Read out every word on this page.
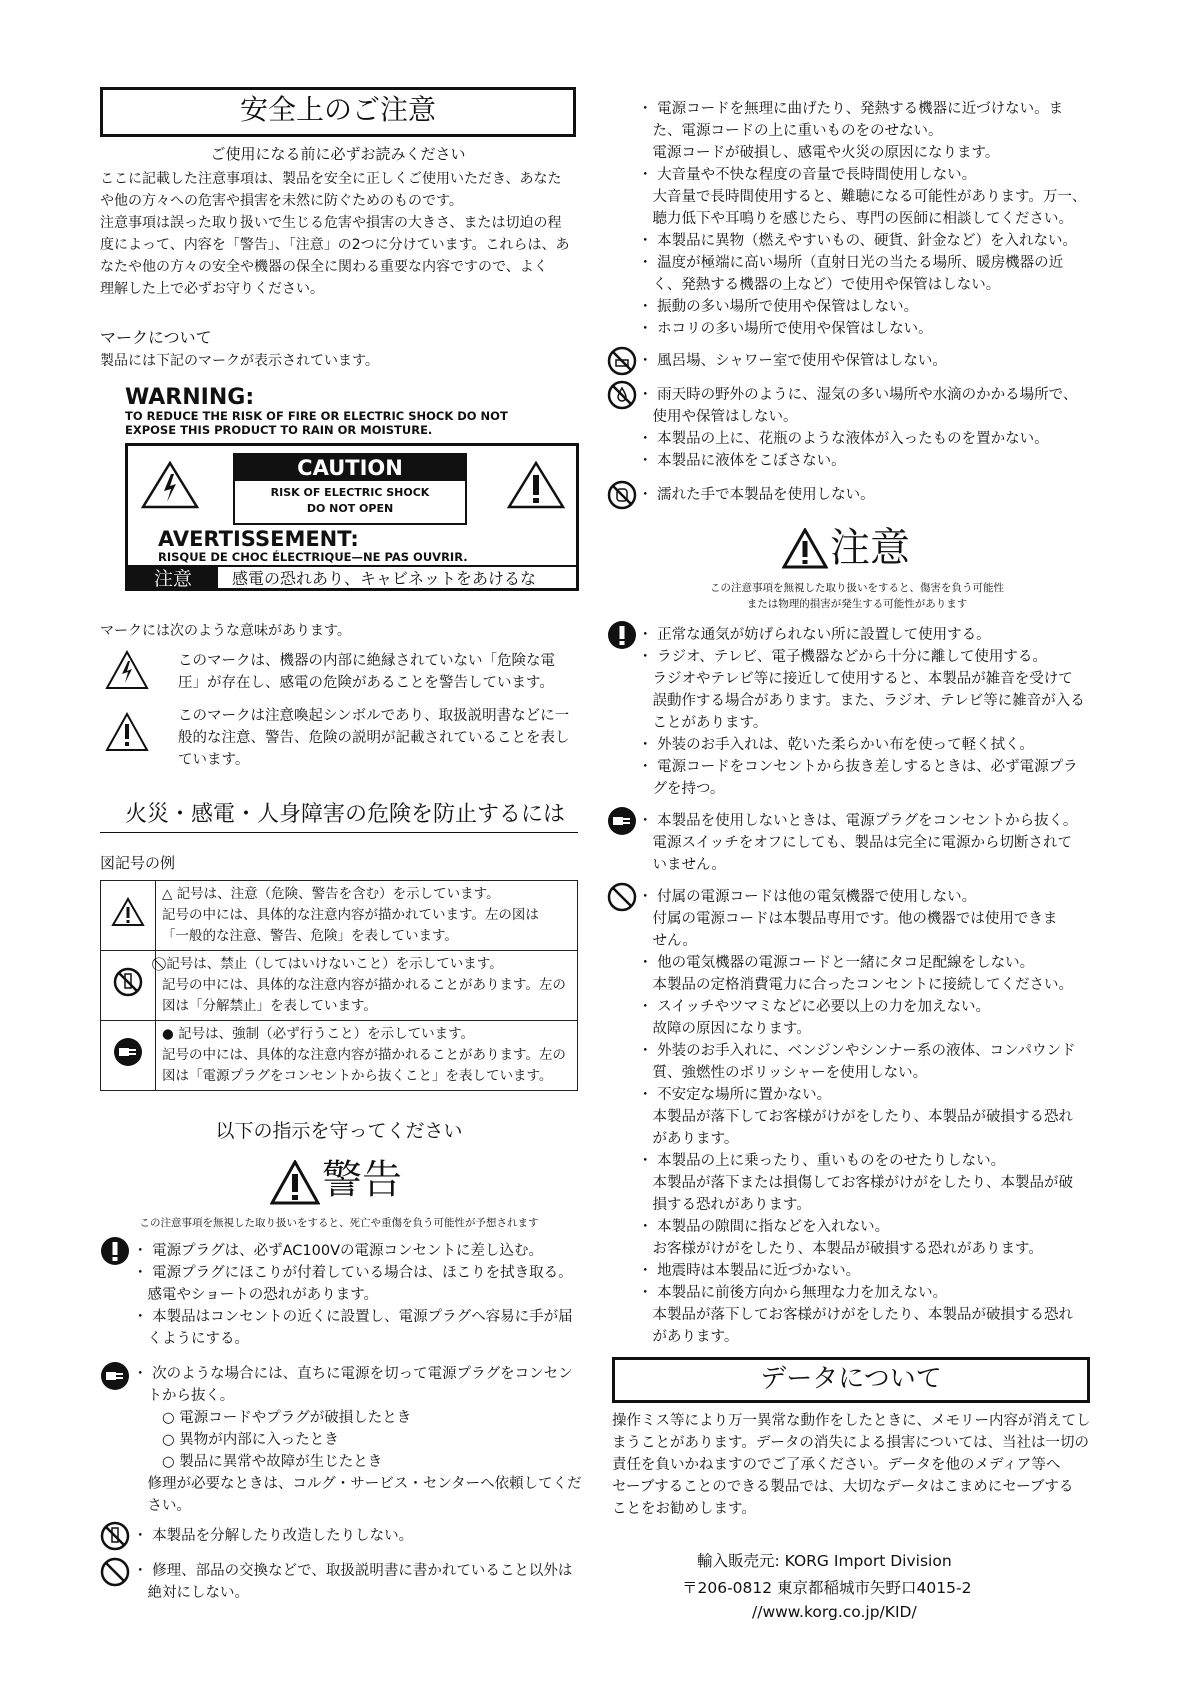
安全上のご注意
ご使用になる前に必ずお読みください
ここに記載した注意事項は、製品を安全に正しくご使用いただき、あなた
や他の方々への危害や損害を未然に防ぐためのものです。
注意事項は誤った取り扱いで生じる危害や損害の大きさ、または切迫の程
度によって、内容を「警告」、「注意」の2つに分けています。これらは、あ
なたや他の方々の安全や機器の保全に関わる重要な内容ですので、よく
理解した上で必ずお守りください。
マークについて
製品には下記のマークが表示されています。
WARNING:
TO REDUCE THE RISK OF FIRE OR ELECTRIC SHOCK DO NOT
EXPOSE THIS PRODUCT TO RAIN OR MOISTURE.
CAUTION
RISK OF ELECTRIC SHOCK
DO NOT OPEN
AVERTISSEMENT:
RISQUE DE CHOC ÉLECTRIQUE—NE PAS OUVRIR.
注意	感電の恐れあり、キャビネットをあけるな
マークには次のような意味があります。
このマークは、機器の内部に絶縁されていない「危険な電
圧」が存在し、感電の危険があることを警告しています。
このマークは注意喚起シンボルであり、取扱説明書などに一
般的な注意、警告、危険の説明が記載されていることを表し
ています。
火災・感電・人身障害の危険を防止するには
図記号の例

△ 記号は、注意（危険、警告を含む）を示しています。
記号の中には、具体的な注意内容が描かれています。左の図は
「一般的な注意、警告、危険」を表しています。

⃠ 記号は、禁止（してはいけないこと）を示しています。
記号の中には、具体的な注意内容が描かれることがあります。左の
図は「分解禁止」を表しています。

● 記号は、強制（必ず行うこと）を示しています。
記号の中には、具体的な注意内容が描かれることがあります。左の
図は「電源プラグをコンセントから抜くこと」を表しています。
以下の指示を守ってください
警告
この注意事項を無視した取り扱いをすると、死亡や重傷を負う可能性が予想されます
・ 電源プラグは、必ずAC100Vの電源コンセントに差し込む。
・ 電源プラグにほこりが付着している場合は、ほこりを拭き取る。
　感電やショートの恐れがあります。
・ 本製品はコンセントの近くに設置し、電源プラグへ容易に手が届
　くようにする。
・ 次のような場合には、直ちに電源を切って電源プラグをコンセン
　トから抜く。
　　○ 電源コードやプラグが破損したとき
　　○ 異物が内部に入ったとき
　　○ 製品に異常や故障が生じたとき
　修理が必要なときは、コルグ・サービス・センターへ依頼してくだ
　さい。
・ 本製品を分解したり改造したりしない。
・ 修理、部品の交換などで、取扱説明書に書かれていること以外は
　絶対にしない。
・ 電源コードを無理に曲げたり、発熱する機器に近づけない。ま
　た、電源コードの上に重いものをのせない。
　電源コードが破損し、感電や火災の原因になります。
・ 大音量や不快な程度の音量で長時間使用しない。
　大音量で長時間使用すると、難聴になる可能性があります。万一、
　聴力低下や耳鳴りを感じたら、専門の医師に相談してください。
・ 本製品に異物（燃えやすいもの、硬貨、針金など）を入れない。
・ 温度が極端に高い場所（直射日光の当たる場所、暖房機器の近
　く、発熱する機器の上など）で使用や保管はしない。
・ 振動の多い場所で使用や保管はしない。
・ ホコリの多い場所で使用や保管はしない。
・ 風呂場、シャワー室で使用や保管はしない。
・ 雨天時の野外のように、湿気の多い場所や水滴のかかる場所で、
　使用や保管はしない。
・ 本製品の上に、花瓶のような液体が入ったものを置かない。
・ 本製品に液体をこぼさない。
・ 濡れた手で本製品を使用しない。
注意
この注意事項を無視した取り扱いをすると、傷害を負う可能性
または物理的損害が発生する可能性があります
・ 正常な通気が妨げられない所に設置して使用する。
・ ラジオ、テレビ、電子機器などから十分に離して使用する。
　ラジオやテレビ等に接近して使用すると、本製品が雑音を受けて
　誤動作する場合があります。また、ラジオ、テレビ等に雑音が入る
　ことがあります。
・ 外装のお手入れは、乾いた柔らかい布を使って軽く拭く。
・ 電源コードをコンセントから抜き差しするときは、必ず電源プラ
　グを持つ。
・ 本製品を使用しないときは、電源プラグをコンセントから抜く。
　電源スイッチをオフにしても、製品は完全に電源から切断されて
　いません。
・ 付属の電源コードは他の電気機器で使用しない。
　付属の電源コードは本製品専用です。他の機器では使用できま
　せん。
・ 他の電気機器の電源コードと一緒にタコ足配線をしない。
　本製品の定格消費電力に合ったコンセントに接続してください。
・ スイッチやツマミなどに必要以上の力を加えない。
　故障の原因になります。
・ 外装のお手入れに、ベンジンやシンナー系の液体、コンパウンド
　質、強燃性のポリッシャーを使用しない。
・ 不安定な場所に置かない。
　本製品が落下してお客様がけがをしたり、本製品が破損する恐れ
　があります。
・ 本製品の上に乗ったり、重いものをのせたりしない。
　本製品が落下または損傷してお客様がけがをしたり、本製品が破
　損する恐れがあります。
・ 本製品の隙間に指などを入れない。
　お客様がけがをしたり、本製品が破損する恐れがあります。
・ 地震時は本製品に近づかない。
・ 本製品に前後方向から無理な力を加えない。
　本製品が落下してお客様がけがをしたり、本製品が破損する恐れ
　があります。
データについて
操作ミス等により万一異常な動作をしたときに、メモリー内容が消えてし
まうことがあります。データの消失による損害については、当社は一切の
責任を負いかねますのでご了承ください。データを他のメディア等へ
セーブすることのできる製品では、大切なデータはこまめにセーブする
ことをお勧めします。
輸入販売元: KORG Import Division
〒206-0812 東京都稲城市矢野口4015-2
//www.korg.co.jp/KID/
